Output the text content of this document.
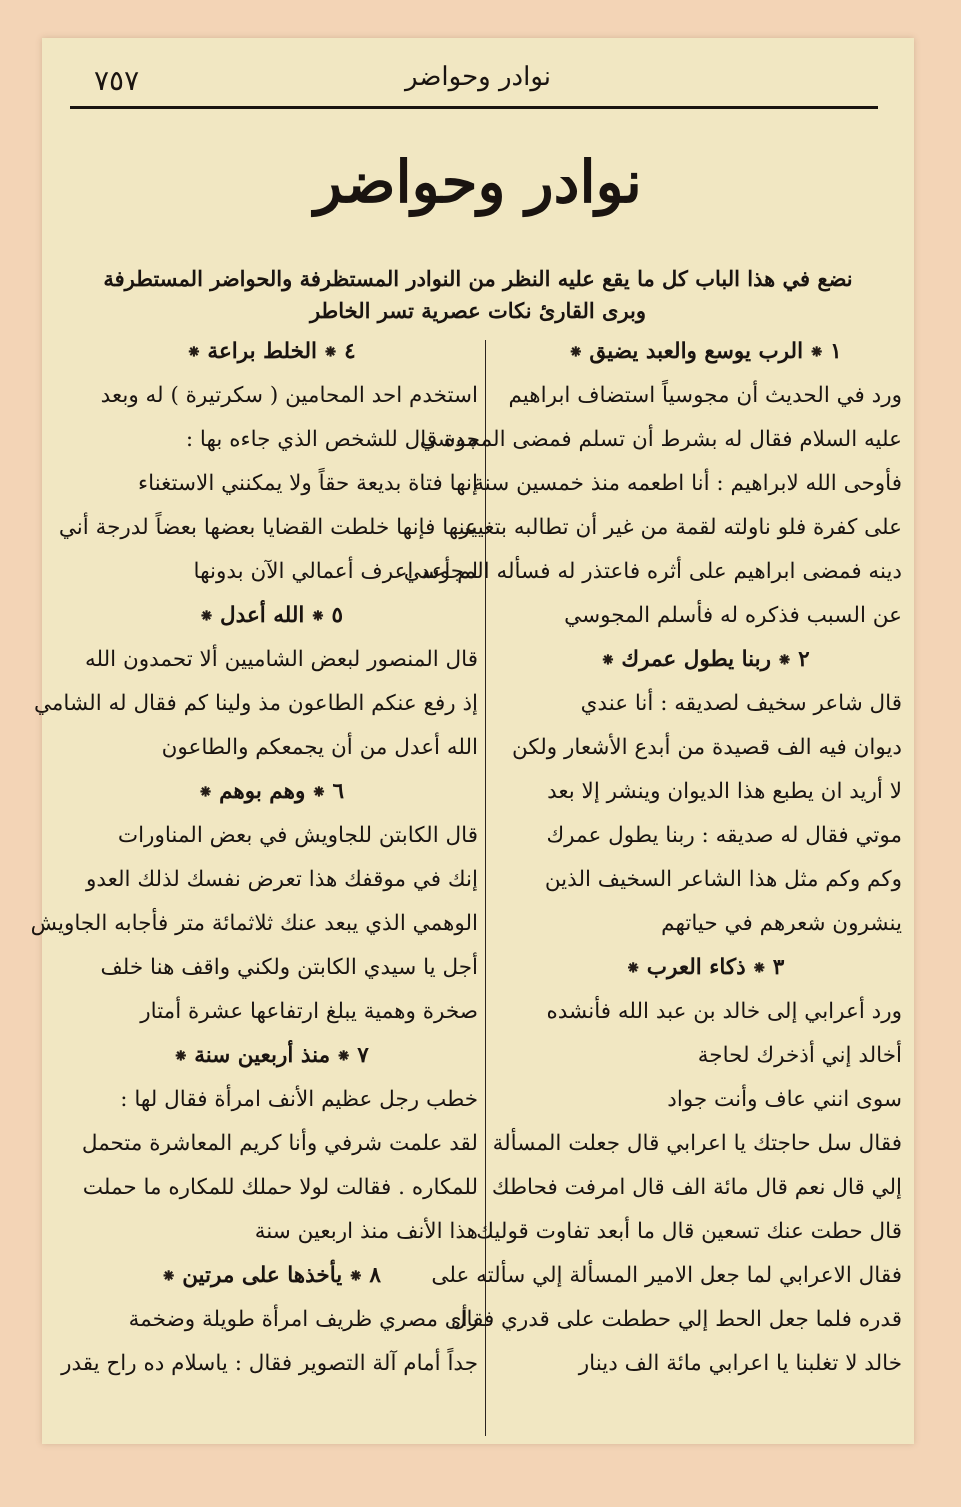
٧٥٧	نوادر وحواضر
نوادر وحواضر
نضع في هذا الباب كل ما يقع عليه النظر من النوادر المستظرفة والحواضر المستطرفة
وبرى القارئ نكات عصرية تسر الخاطر
١⁕الرب يوسع والعبد يضيق⁕
ورد في الحديث أن مجوسياً استضاف ابراهيم
عليه السلام فقال له بشرط أن تسلم فمضى المجوسي
فأوحى الله لابراهيم : أنا اطعمه منذ خمسين سنة
على كفرة فلو ناولته لقمة من غير أن تطالبه بتغيير
دينه فمضى ابراهيم على أثره فاعتذر له فسأله المجوسي
عن السبب فذكره له فأسلم المجوسي
٢⁕ربنا يطول عمرك⁕
قال شاعر سخيف لصديقه : أنا عندي
ديوان فيه الف قصيدة من أبدع الأشعار ولكن
لا أريد ان يطبع هذا الديوان وينشر إلا بعد
موتي فقال له صديقه : ربنا يطول عمرك
وكم وكم مثل هذا الشاعر السخيف الذين
ينشرون شعرهم في حياتهم
٣⁕ذكاء العرب⁕
ورد أعرابي إلى خالد بن عبد الله فأنشده
أخالد إني أذخرك لحاجة
سوى انني عاف وأنت جواد
فقال سل حاجتك يا اعرابي قال جعلت المسألة
إلي قال نعم قال مائة الف قال امرفت فحاطك
قال حطت عنك تسعين قال ما أبعد تفاوت قوليك
فقال الاعرابي لما جعل الامير المسألة إلي سألته على
قدره فلما جعل الحط إلي حططت على قدري فقال
خالد لا تغلبنا يا اعرابي مائة الف دينار
٤⁕الخلط براعة⁕
استخدم احد المحامين ( سكرتيرة ) له وبعد
مدة قال للشخص الذي جاءه بها :
إنها فتاة بديعة حقاً ولا يمكنني الاستغناء
عنها فإنها خلطت القضايا بعضها بعضاً لدرجة أني
لم أعد اعرف أعمالي الآن بدونها
٥⁕الله أعدل⁕
قال المنصور لبعض الشاميين ألا تحمدون الله
إذ رفع عنكم الطاعون مذ ولينا كم فقال له الشامي
الله أعدل من أن يجمعكم والطاعون
٦⁕وهم بوهم⁕
قال الكابتن للجاويش في بعض المناورات
إنك في موقفك هذا تعرض نفسك لذلك العدو
الوهمي الذي يبعد عنك ثلاثمائة متر فأجابه الجاويش
أجل يا سيدي الكابتن ولكني واقف هنا خلف
صخرة وهمية يبلغ ارتفاعها عشرة أمتار
٧⁕منذ أربعين سنة⁕
خطب رجل عظيم الأنف امرأة فقال لها :
لقد علمت شرفي وأنا كريم المعاشرة متحمل
للمكاره . فقالت لولا حملك للمكاره ما حملت
هذا الأنف منذ اربعين سنة
٨⁕يأخذها على مرتين⁕
رأى مصري ظريف امرأة طويلة وضخمة
جداً أمام آلة التصوير فقال : ياسلام ده راح يقدر
